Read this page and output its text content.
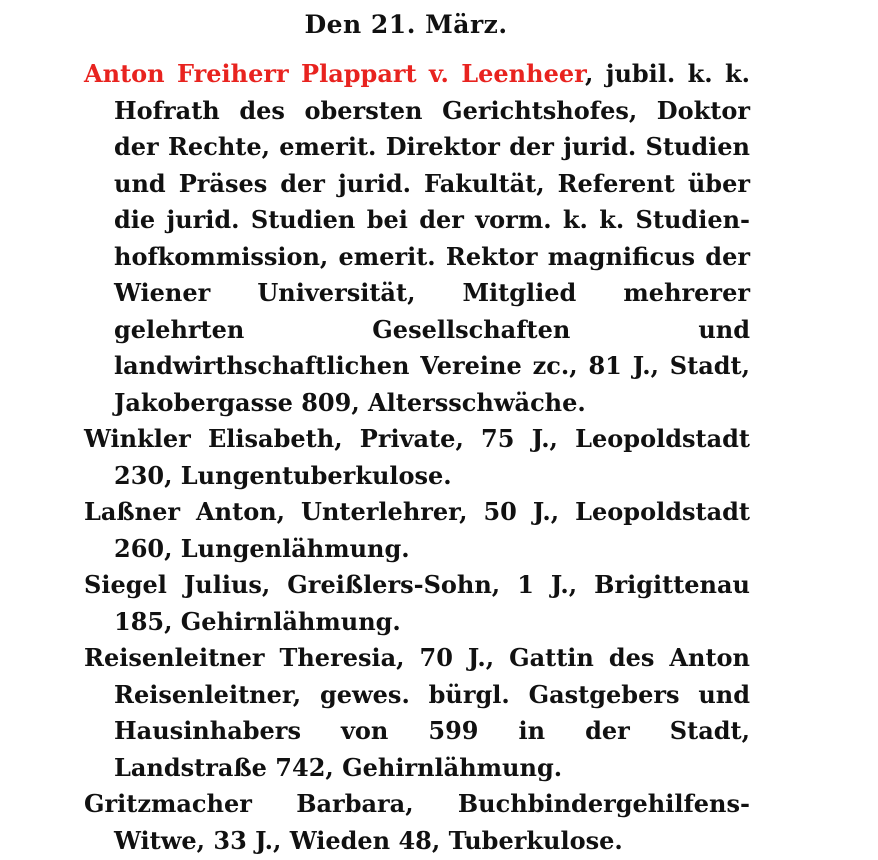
Den 21. März.

Anton Freiherr Plappart v. Leenheer, jubil. k. k. Hofrath des obersten Gerichtshofes, Doktor der Rechte, emerit. Direktor der jurid. Studien und Präses der jurid. Fakultät, Referent über die jurid. Studien bei der vorm. k. k. Studien-hofkommission, emerit. Rektor magnificus der Wiener Universität, Mitglied mehrerer gelehrten Gesellschaften und landwirthschaftlichen Vereine zc., 81 J., Stadt, Jakobergasse 809, Altersschwäche.

Winkler Elisabeth, Private, 75 J., Leopoldstadt 230, Lungentuberkulose.

Laßner Anton, Unterlehrer, 50 J., Leopoldstadt 260, Lungenlähmung.

Siegel Julius, Greißlers-Sohn, 1 J., Brigittenau 185, Gehirnlähmung.

Reisenleitner Theresia, 70 J., Gattin des Anton Reisenleitner, gewes. bürgl. Gastgebers und Hausinhabers von 599 in der Stadt, Landstraße 742, Gehirnlähmung.

Gritzmacher Barbara, Buchbindergehilfens-Witwe, 33 J., Wieden 48, Tuberkulose.
